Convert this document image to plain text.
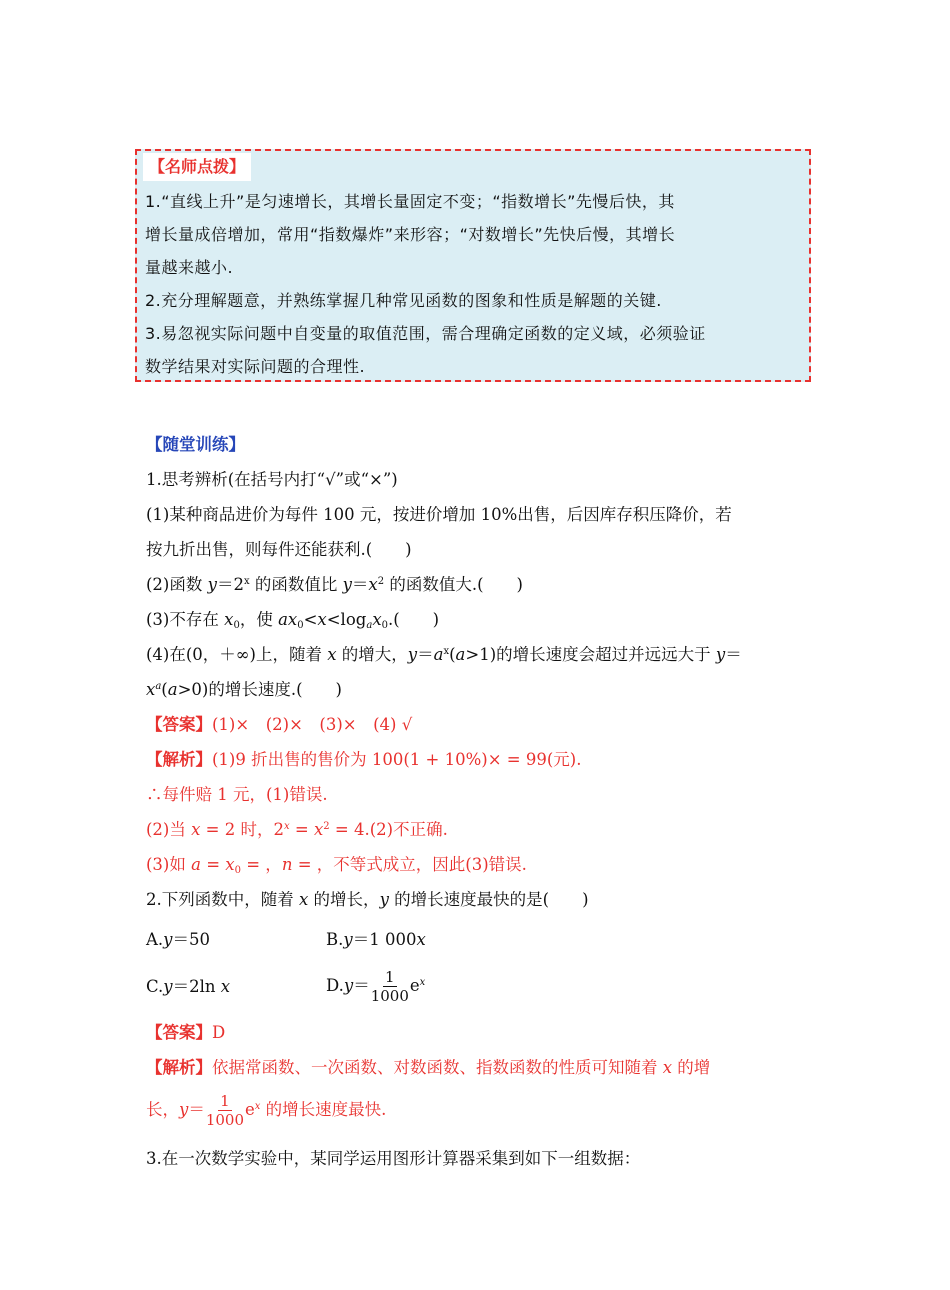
【名师点拨】

1.“直线上升”是匀速增长，其增长量固定不变；“指数增长”先慢后快，其

增长量成倍增加，常用“指数爆炸”来形容；“对数增长”先快后慢，其增长

量越来越小.

2.充分理解题意，并熟练掌握几种常见函数的图象和性质是解题的关键.

3.易忽视实际问题中自变量的取值范围，需合理确定函数的定义域，必须验证

数学结果对实际问题的合理性.

【随堂训练】

1.思考辨析(在括号内打“√”或“×”)

(1)某种商品进价为每件 100 元，按进价增加 10%出售，后因库存积压降价，若

按九折出售，则每件还能获利.(　　)

(2)函数 $y=2^x$ 的函数值比 $y=x^2$ 的函数值大.(　　)

(3)不存在 $x_0$，使 $ax_0<x<\log_ax_0$.(　　)

(4)在(0，＋∞)上，随着 x 的增大，$y=a^x(a>1)$的增长速度会超过并远远大于 y＝

$x^a(a>0)$的增长速度.(　　)

【答案】(1)×　(2)×　(3)×　(4) √

【解析】(1)9 折出售的售价为 100(1 + 10%)× = 99(元).

∴每件赔 1 元，(1)错误.

(2)当 x = 2 时，$2^x = x^2 = 4.(2)$不正确.

(3)如 $a = x_0$ = ，n = ，不等式成立，因此(3)错误.

2.下列函数中，随着 x 的增长，y 的增长速度最快的是(　　)

A.y＝50	B.y＝1 000x
C.y＝2ln x	$D.y= \frac{1}{1000} e^x$

【答案】D

【解析】依据常函数、一次函数、对数函数、指数函数的性质可知随着 x 的增

长，$y= \frac{1}{1000} e^x$ 的增长速度最快.

3.在一次数学实验中，某同学运用图形计算器采集到如下一组数据：
